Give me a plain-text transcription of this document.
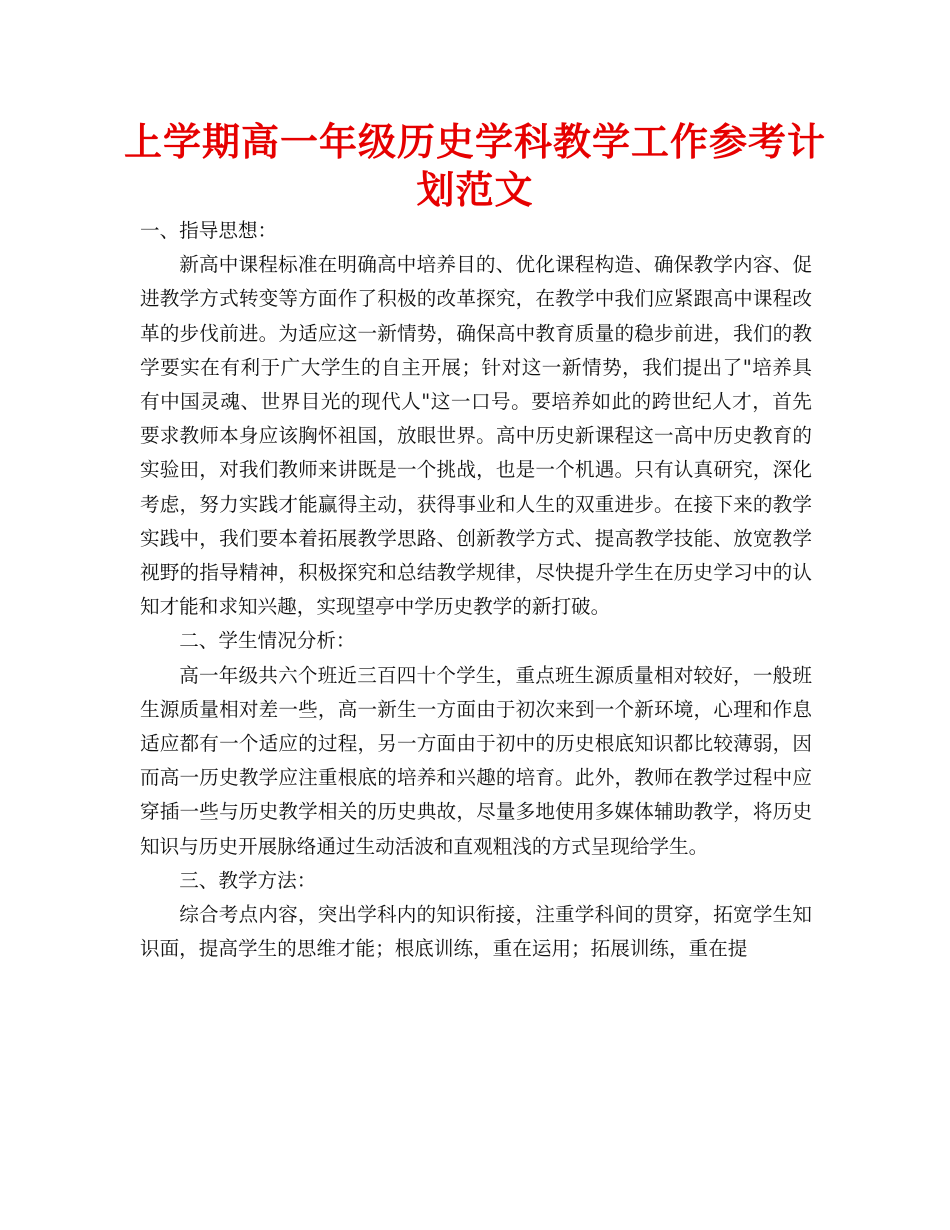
上学期高一年级历史学科教学工作参考计
划范文

一、指导思想：

新高中课程标准在明确高中培养目的、优化课程构造、确保教学内容、促进教学方式转变等方面作了积极的改革探究，在教学中我们应紧跟高中课程改革的步伐前进。为适应这一新情势，确保高中教育质量的稳步前进，我们的教学要实在有利于广大学生的自主开展；针对这一新情势，我们提出了"培养具有中国灵魂、世界目光的现代人"这一口号。要培养如此的跨世纪人才，首先要求教师本身应该胸怀祖国，放眼世界。高中历史新课程这一高中历史教育的实验田，对我们教师来讲既是一个挑战，也是一个机遇。只有认真研究，深化考虑，努力实践才能赢得主动，获得事业和人生的双重进步。在接下来的教学实践中，我们要本着拓展教学思路、创新教学方式、提高教学技能、放宽教学视野的指导精神，积极探究和总结教学规律，尽快提升学生在历史学习中的认知才能和求知兴趣，实现望亭中学历史教学的新打破。

二、学生情况分析：

高一年级共六个班近三百四十个学生，重点班生源质量相对较好，一般班生源质量相对差一些，高一新生一方面由于初次来到一个新环境，心理和作息适应都有一个适应的过程，另一方面由于初中的历史根底知识都比较薄弱，因而高一历史教学应注重根底的培养和兴趣的培育。此外，教师在教学过程中应穿插一些与历史教学相关的历史典故，尽量多地使用多媒体辅助教学，将历史知识与历史开展脉络通过生动活波和直观粗浅的方式呈现给学生。

三、教学方法：

综合考点内容，突出学科内的知识衔接，注重学科间的贯穿，拓宽学生知识面，提高学生的思维才能；根底训练，重在运用；拓展训练，重在提
